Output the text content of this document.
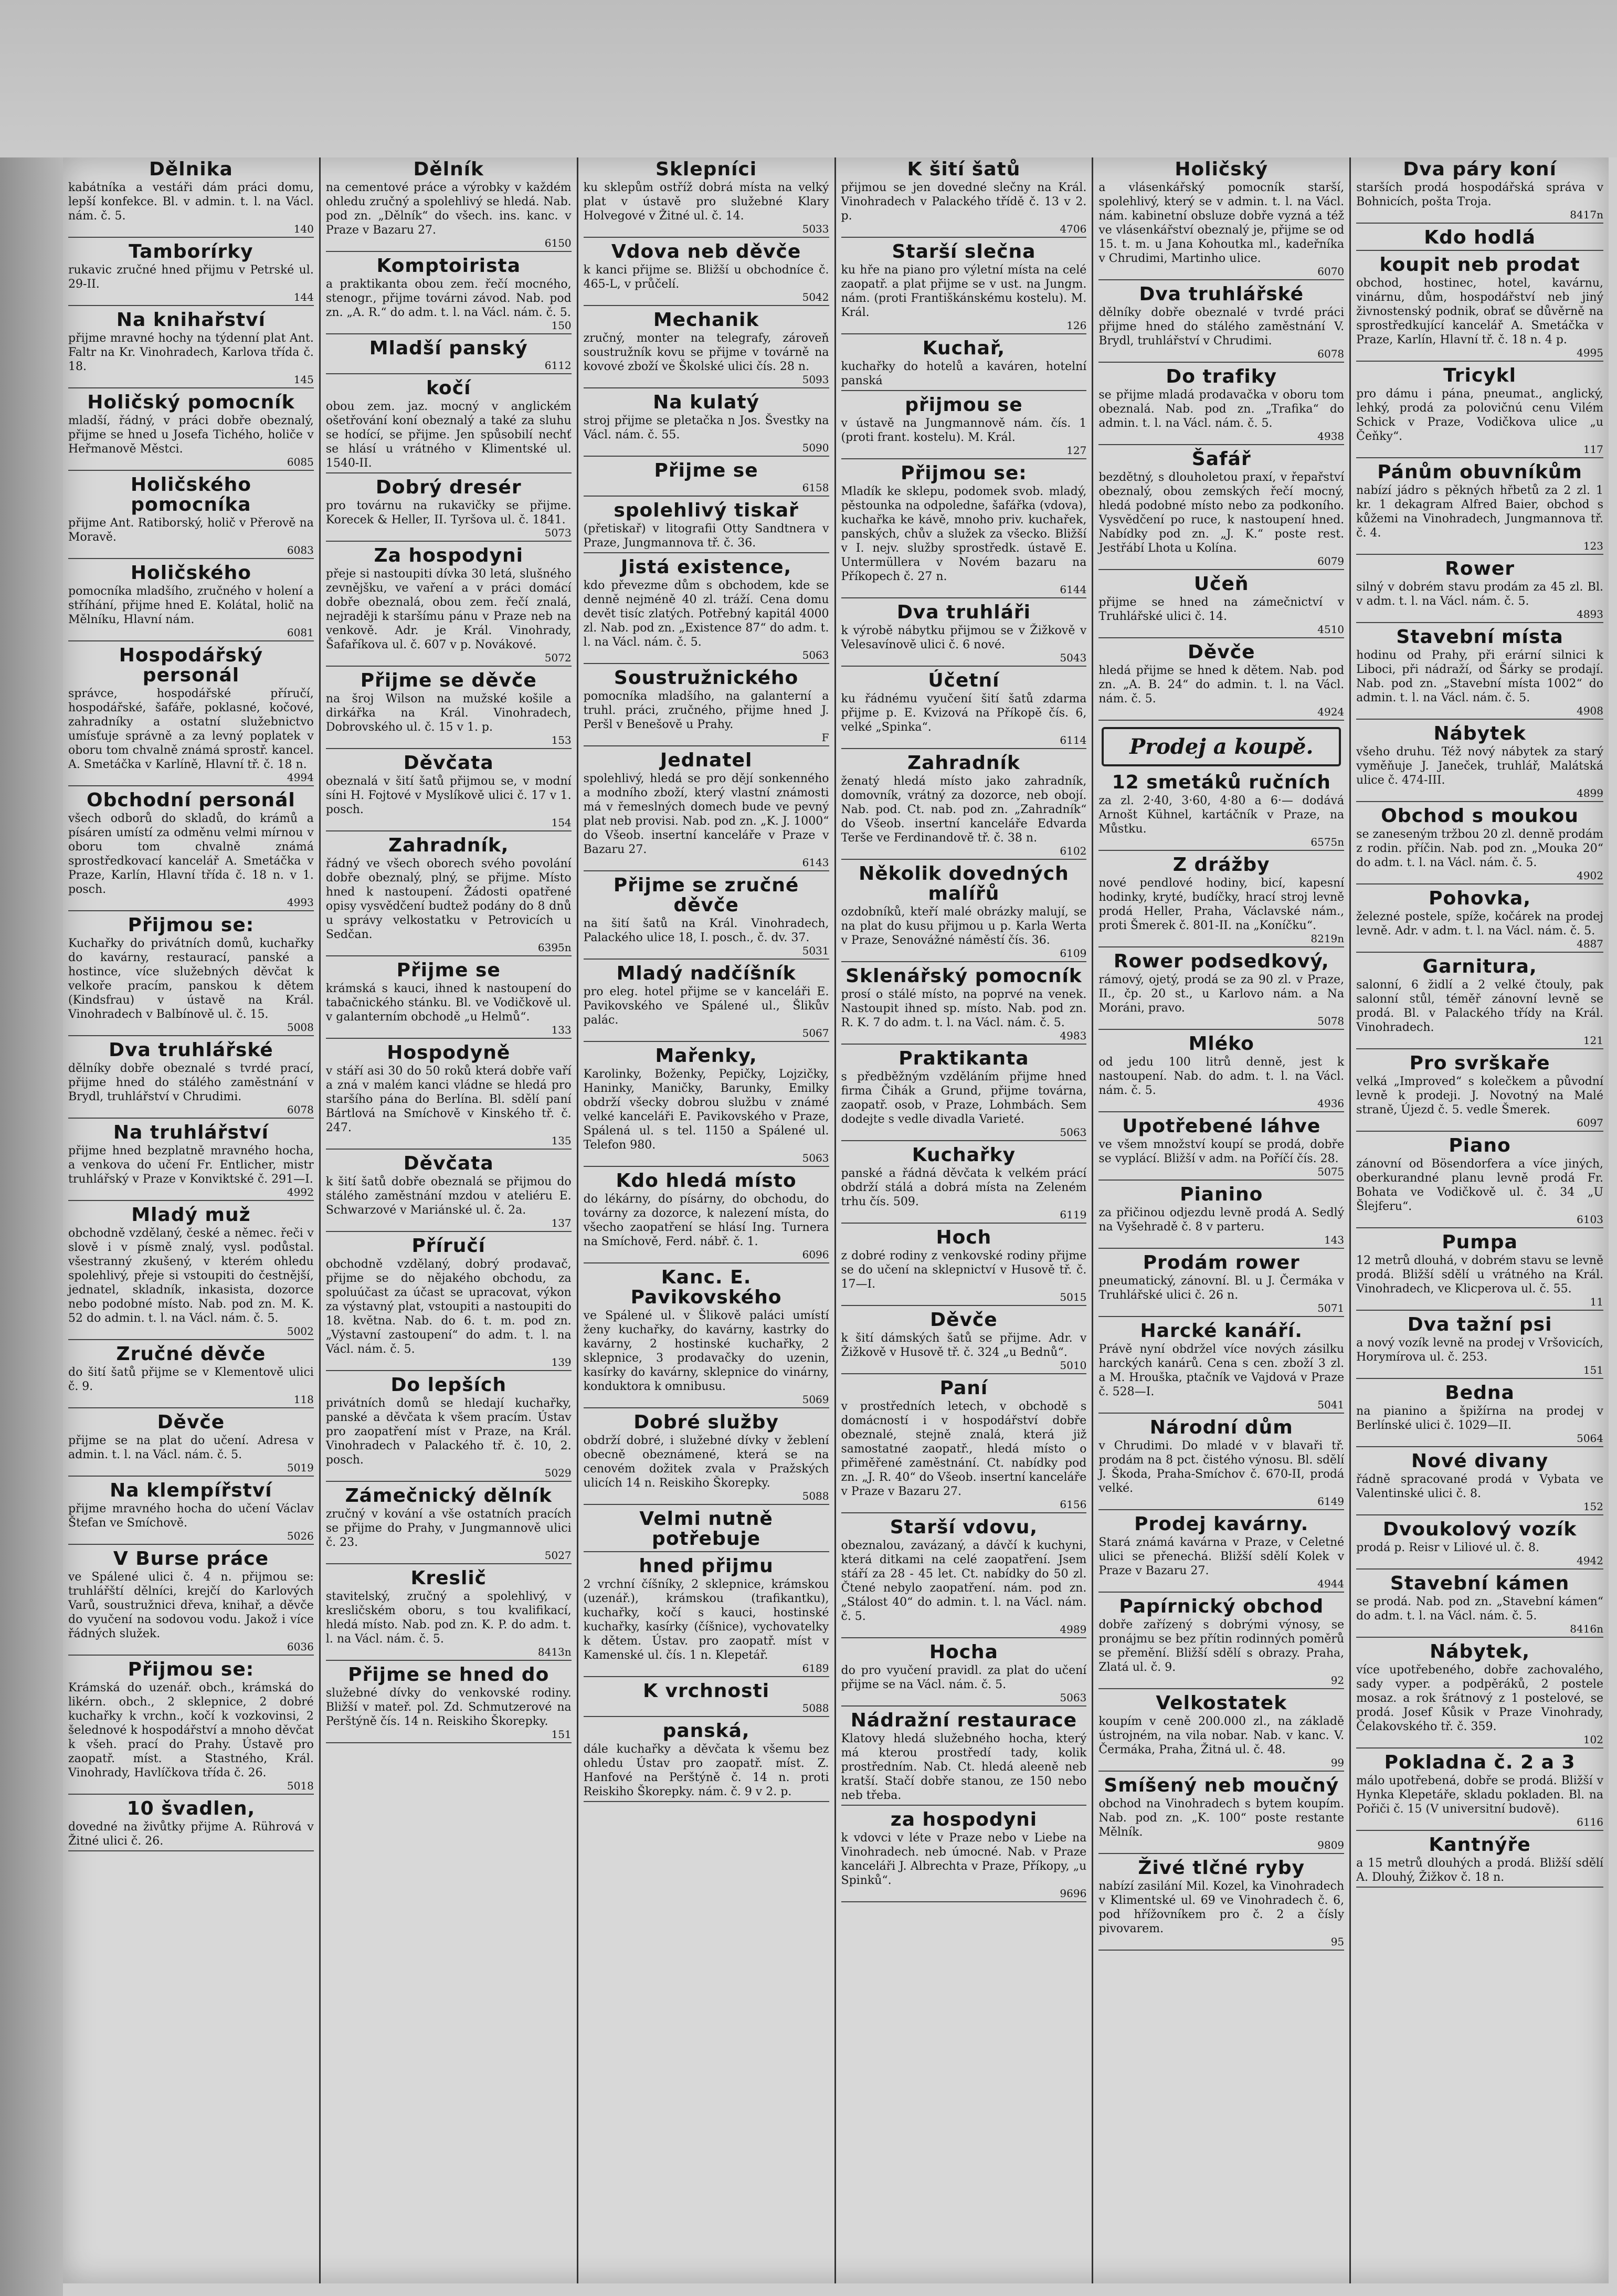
Dělnika

kabátníka a vestáři dám práci domu, lepší konfekce. Bl. v admin. t. l. na Václ. nám. č. 5.

140
Tamborírky

rukavic zručné hned přijmu v Petrské ul. 29-II.

144
Na knihařství

přijme mravné hochy na týdenní plat Ant. Faltr na Kr. Vinohradech, Karlova třída č. 18.

145
Holičský pomocník

mladší, řádný, v práci dobře obeznalý, přijme se hned u Josefa Tichého, holiče v Heřmanově Městci.

6085
Holičského pomocníka

přijme Ant. Ratiborský, holič v Přerově na Moravě.

6083
Holičského

pomocníka mladšího, zručného v holení a stříhání, přijme hned E. Kolátal, holič na Mělníku, Hlavní nám.

6081
Hospodářský personál

správce, hospodářské příručí, hospodářské, šafáře, poklasné, kočové, zahradníky a ostatní služebnictvo umísťuje správně a za levný poplatek v oboru tom chvalně známá sprostř. kancel. A. Smetáčka v Karlíně, Hlavní tř. č. 18 n.

4994
Obchodní personál

všech odborů do skladů, do krámů a písáren umístí za odměnu velmi mírnou v oboru tom chvalně známá sprostředkovací kancelář A. Smetáčka v Praze, Karlín, Hlavní třída č. 18 n. v 1. posch.

4993
Přijmou se:

Kuchařky do privátních domů, kuchařky do kavárny, restaurací, panské a hostince, více služebných děvčat k velkoře pracím, panskou k dětem (Kindsfrau) v ústavě na Král. Vinohradech v Balbínově ul. č. 15.

5008
Dva truhlářské

dělníky dobře obeznalé s tvrdé prací, přijme hned do stálého zaměstnání v Brydl, truhlářství v Chrudimi.

6078
Na truhlářství

přijme hned bezplatně mravného hocha, a venkova do učení Fr. Entlicher, mistr truhlářský v Praze v Konviktské č. 291—I.

4992
Mladý muž

obchodně vzdělaný, české a němec. řeči v slově i v písmě znalý, vysl. podůstal. všestranný zkušený, v kterém ohledu spolehlivý, přeje si vstoupiti do čestnější, jednatel, skladník, inkasista, dozorce nebo podobné místo. Nab. pod zn. M. K. 52 do admin. t. l. na Václ. nám. č. 5.

5002
Zručné děvče

do šití šatů přijme se v Klementově ulici č. 9.

118
Děvče

přijme se na plat do učení. Adresa v admin. t. l. na Václ. nám. č. 5.

5019
Na klempířství

přijme mravného hocha do učení Václav Štefan ve Smíchově.

5026
V Burse práce

ve Spálené ulici č. 4 n. přijmou se: truhlářští dělníci, krejčí do Karlových Varů, soustružnici dřeva, knihař, a děvče do vyučení na sodovou vodu. Jakož i více řádných služek.

6036
Přijmou se:

Krámská do uzenář. obch., krámská do likérn. obch., 2 sklepnice, 2 dobré kuchařky k vrchn., kočí k vozkovinsi, 2 šelednové k hospodářství a mnoho děvčat k všeh. prací do Prahy. Ústavě pro zaopatř. míst. a Stastného, Král. Vinohrady, Havlíčkova třída č. 26.

5018
10 švadlen,

dovedné na živůtky přijme A. Rührová v Žitné ulici č. 26.

Dělník

na cementové práce a výrobky v každém ohledu zručný a spolehlivý se hledá. Nab. pod zn. „Dělník“ do všech. ins. kanc. v Praze v Bazaru 27.

6150
Komptoirista

a praktikanta obou zem. řečí mocného, stenogr., přijme továrni závod. Nab. pod zn. „A. R.“ do adm. t. l. na Václ. nám. č. 5.

150
Mladší panský
6112
kočí

obou zem. jaz. mocný v anglickém ošetřování koní obeznalý a také za sluhu se hodící, se přijme. Jen spůsobilí nechť se hlásí u vrátného v Klimentské ul. 1540-II.

Dobrý dresér

pro továrnu na rukavičky se přijme. Korecek & Heller, II. Tyršova ul. č. 1841.

5073
Za hospodyni

přeje si nastoupiti dívka 30 letá, slušného zevnějšku, ve vaření a v práci domácí dobře obeznalá, obou zem. řečí znalá, nejraději k staršímu pánu v Praze neb na venkově. Adr. je Král. Vinohrady, Šafaříkova ul. č. 607 v p. Novákové.

5072
Přijme se děvče

na šroj Wilson na mužské košile a dirkářka na Král. Vinohradech, Dobrovského ul. č. 15 v 1. p.

153
Děvčata

obeznalá v šití šatů přijmou se, v modní síni H. Fojtové v Myslíkově ulici č. 17 v 1. posch.

154
Zahradník,

řádný ve všech oborech svého povolání dobře obeznalý, plný, se přijme. Místo hned k nastoupení. Žádosti opatřené opisy vysvědčení budtež podány do 8 dnů u správy velkostatku v Petrovicích u Sedčan.

6395n
Přijme se

krámská s kauci, ihned k nastoupení do tabačnického stánku. Bl. ve Vodičkově ul. v galanterním obchodě „u Helmů“.

133
Hospodyně

v stáří asi 30 do 50 roků která dobře vaří a zná v malém kanci vládne se hledá pro staršího pána do Berlína. Bl. sdělí paní Bártlová na Smíchově v Kinského tř. č. 247.

135
Děvčata

k šití šatů dobře obeznalá se přijmou do stálého zaměstnání mzdou v ateliéru E. Schwarzové v Mariánské ul. č. 2a.

137
Příručí

obchodně vzdělaný, dobrý prodavač, přijme se do nějakého obchodu, za spoluúčast za účast se upracovat, výkon za výstavný plat, vstoupiti a nastoupiti do 18. května. Nab. do 6. t. m. pod zn. „Výstavní zastoupení“ do adm. t. l. na Václ. nám. č. 5.

139
Do lepších

privátních domů se hledají kuchařky, panské a děvčata k všem pracím. Ústav pro zaopatření míst v Praze, na Král. Vinohradech v Palackého tř. č. 10, 2. posch.

5029
Zámečnický dělník

zručný v kování a vše ostatních pracích se přijme do Prahy, v Jungmannově ulici č. 23.

5027
Kreslič

stavitelský, zručný a spolehlivý, v kresličském oboru, s tou kvalifikací, hledá místo. Nab. pod zn. K. P. do adm. t. l. na Václ. nám. č. 5.

8413n
Přijme se hned do

služebné dívky do venkovské rodiny. Bližší v mateř. pol. Zd. Schmutzerové na Perštýně čís. 14 n. Reiskiho Škorepky.

151
Sklepníci

ku sklepům ostříž dobrá místa na velký plat v ústavě pro služebné Klary Holvegové v Žitné ul. č. 14.

5033
Vdova neb děvče

k kanci přijme se. Bližší u obchodníce č. 465-L, v průčelí.

5042
Mechanik

zručný, monter na telegrafy, zároveň soustružník kovu se přijme v továrně na kovové zboží ve Školské ulici čís. 28 n.

5093
Na kulatý

stroj přijme se pletačka n Jos. Švestky na Václ. nám. č. 55.

5090
Přijme se
6158
spolehlivý tiskař

(přetiskař) v litografii Otty Sandtnera v Praze, Jungmannova tř. č. 36.

Jistá existence,

kdo převezme dům s obchodem, kde se denně nejméně 40 zl. tráží. Cena domu devět tisíc zlatých. Potřebný kapitál 4000 zl. Nab. pod zn. „Existence 87“ do adm. t. l. na Václ. nám. č. 5.

5063
Soustružnického

pomocníka mladšího, na galanterní a truhl. práci, zručného, přijme hned J. Peršl v Benešově u Prahy.

F
Jednatel

spolehlivý, hledá se pro dějí sonkenného a modního zboží, který vlastní známosti má v řemeslných domech bude ve pevný plat neb provisi. Nab. pod zn. „K. J. 1000“ do Všeob. insertní kanceláře v Praze v Bazaru 27.

6143
Přijme se zručné děvče

na šití šatů na Král. Vinohradech, Palackého ulice 18, I. posch., č. dv. 37.

5031
Mladý nadčíšník

pro eleg. hotel přijme se v kanceláři E. Pavikovského ve Spálené ul., Šlikův palác.

5067
Mařenky,

Karolinky, Boženky, Pepičky, Lojzičky, Haninky, Maničky, Barunky, Emilky obdrží všecky dobrou službu v známé velké kanceláři E. Pavikovského v Praze, Spálená ul. s tel. 1150 a Spálené ul. Telefon 980.

5063
Kdo hledá místo

do lékárny, do písárny, do obchodu, do továrny za dozorce, k nalezení místa, do všecho zaopatření se hlásí Ing. Turnera na Smíchově, Ferd. nábř. č. 1.

6096
Kanc. E. Pavikovského

ve Spálené ul. v Šlikově paláci umístí ženy kuchařky, do kavárny, kastrky do kavárny, 2 hostinské kuchařky, 2 sklepnice, 3 prodavačky do uzenin, kasírky do kavárny, sklepnice do vinárny, konduktora k omnibusu.

5069
Dobré služby

obdrží dobré, i služebné dívky v žeblení obecně obeznámené, která se na cenovém dožitek zvala v Pražských ulicích 14 n. Reiskiho Škorepky.

5088
Velmi nutně potřebuje
hned přijmu

2 vrchní číšníky, 2 sklepnice, krámskou (uzenář.), krámskou (trafikantku), kuchařky, kočí s kauci, hostinské kuchařky, kasírky (číšnice), vychovatelky k dětem. Ústav. pro zaopatř. míst v Kamenské ul. čís. 1 n. Klepetář.

6189
K vrchnosti
5088
panská,

dále kuchařky a děvčata k všemu bez ohledu Ústav pro zaopatř. míst. Z. Hanfové na Perštýně č. 14 n. proti Reiskiho Škorepky. nám. č. 9 v 2. p.

K šití šatů

přijmou se jen dovedné slečny na Král. Vinohradech v Palackého třídě č. 13 v 2. p.

4706
Starší slečna

ku hře na piano pro výletní místa na celé zaopatř. a plat přijme se v ust. na Jungm. nám. (proti Františkánskému kostelu). M. Král.

126
Kuchař,

kuchařky do hotelů a kaváren, hotelní panská

přijmou se

v ústavě na Jungmannově nám. čís. 1 (proti frant. kostelu). M. Král.

127
Přijmou se:

Mladík ke sklepu, podomek svob. mladý, pěstounka na odpoledne, šafářka (vdova), kuchařka ke kávě, mnoho priv. kuchařek, panských, chův a služek za všecko. Bližší v I. nejv. služby sprostředk. ústavě E. Untermüllera v Novém bazaru na Příkopech č. 27 n.

6144
Dva truhláři

k výrobě nábytku přijmou se v Žižkově v Velesavínově ulici č. 6 nové.

5043
Účetní

ku řádnému vyučení šití šatů zdarma přijme p. E. Kvizová na Příkopě čís. 6, velké „Spinka“.

6114
Zahradník

ženatý hledá místo jako zahradník, domovník, vrátný za dozorce, neb obojí. Nab. pod. Ct. nab. pod zn. „Zahradník“ do Všeob. insertní kanceláře Edvarda Terše ve Ferdinandově tř. č. 38 n.

6102
Několik dovedných malířů

ozdobníků, kteří malé obrázky malují, se na plat do kusu přijmou u p. Karla Werta v Praze, Senovážné náměstí čís. 36.

6109
Sklenářský pomocník

prosí o stálé místo, na poprvé na venek. Nastoupit ihned sp. místo. Nab. pod zn. R. K. 7 do adm. t. l. na Václ. nám. č. 5.

4983
Praktikanta

s předběžným vzděláním přijme hned firma Čihák a Grund, přijme továrna, zaopatř. osob, v Praze, Lohmbách. Sem dodejte s vedle divadla Varieté.

5063
Kuchařky

panské a řádná děvčata k velkém prácí obdrží stálá a dobrá místa na Zeleném trhu čís. 509.

6119
Hoch

z dobré rodiny z venkovské rodiny přijme se do učení na sklepnictví v Husově tř. č. 17—I.

5015
Děvče

k šití dámských šatů se přijme. Adr. v Žižkově v Husově tř. č. 324 „u Bednů“.

5010
Paní

v prostředních letech, v obchodě s domácností i v hospodářství dobře obeznalé, stejně znalá, která již samostatné zaopatř., hledá místo o přiměřené zaměstnání. Ct. nabídky pod zn. „J. R. 40“ do Všeob. insertní kanceláře v Praze v Bazaru 27.

6156
Starší vdovu,

obeznalou, zavázaný, a dávčí k kuchyni, která ditkami na celé zaopatření. Jsem stáří za 28 - 45 let. Ct. nabídky do 50 zl. Čtené nebylo zaopatření. nám. pod zn. „Stálost 40“ do admin. t. l. na Václ. nám. č. 5.

4989
Hocha

do pro vyučení pravidl. za plat do učení přijme se na Václ. nám. č. 5.

5063
Nádražní restaurace

Klatovy hledá služebného hocha, který má kterou prostředí tady, kolik prostředním. Nab. Ct. hledá aleeně neb kratší. Stačí dobře stanou, ze 150 nebo neb třeba.

za hospodyni

k vdovci v léte v Praze nebo v Liebe na Vinohradech. neb úmocné. Nab. v Praze kanceláři J. Albrechta v Praze, Příkopy, „u Spinků“.

9696
Holičský

a vlásenkářský pomocník starší, spolehlivý, který se v admin. t. l. na Václ. nám. kabinetní obsluze dobře vyzná a též ve vlásenkářství obeznalý je, přijme se od 15. t. m. u Jana Kohoutka ml., kadeřníka v Chrudimi, Martinho ulice.

6070
Dva truhlářské

dělníky dobře obeznalé v tvrdé práci přijme hned do stálého zaměstnání V. Brydl, truhlářství v Chrudimi.

6078
Do trafiky

se přijme mladá prodavačka v oboru tom obeznalá. Nab. pod zn. „Trafika“ do admin. t. l. na Václ. nám. č. 5.

4938
Šafář

bezdětný, s dlouholetou praxí, v řepařství obeznalý, obou zemských řečí mocný, hledá podobné místo nebo za podkoního. Vysvědčení po ruce, k nastoupení hned. Nabídky pod zn. „J. K.“ poste rest. Jestřábí Lhota u Kolína.

6079
Učeň

přijme se hned na zámečnictví v Truhlářské ulici č. 14.

4510
Děvče

hledá přijme se hned k dětem. Nab. pod zn. „A. B. 24“ do admin. t. l. na Václ. nám. č. 5.

4924
Prodej a koupě.
12 smetáků ručních

za zl. 2·40, 3·60, 4·80 a 6·— dodává Arnošt Kühnel, kartáčník v Praze, na Můstku.

6575n
Z drážby

nové pendlové hodiny, bicí, kapesní hodinky, kryté, budíčky, hrací stroj levně prodá Heller, Praha, Václavské nám., proti Šmerek č. 801-II. na „Koníčku“.

8219n
Rower podsedkový,

rámový, ojetý, prodá se za 90 zl. v Praze, II., čp. 20 st., u Karlovo nám. a Na Moráni, pravo.

5078
Mléko

od jedu 100 litrů denně, jest k nastoupení. Nab. do adm. t. l. na Václ. nám. č. 5.

4936
Upotřebené láhve

ve všem množství koupí se prodá, dobře se vyplácí. Bližší v adm. na Poříčí čís. 28.

5075
Pianino

za přičinou odjezdu levně prodá A. Sedlý na Vyšehradě č. 8 v parteru.

143
Prodám rower

pneumatický, zánovní. Bl. u J. Čermáka v Truhlářské ulici č. 26 n.

5071
Harcké kanáří.

Právě nyní obdržel více nových zásilku harckých kanárů. Cena s cen. zboží 3 zl. a M. Hrouška, ptačník ve Vajdová v Praze č. 528—I.

5041
Národní dům

v Chrudimi. Do mladé v v blavaři tř. prodám na 8 pct. čistého výnosu. Bl. sdělí J. Škoda, Praha-Smíchov č. 670-II, prodá velké.

6149
Prodej kavárny.

Stará známá kavárna v Praze, v Celetné ulici se přenechá. Bližší sdělí Kolek v Praze v Bazaru 27.

4944
Papírnický obchod

dobře zařízený s dobrými výnosy, se pronájmu se bez přítin rodinných poměrů se přemění. Bližší sdělí s obrazy. Praha, Zlatá ul. č. 9.

92
Velkostatek

koupím v ceně 200.000 zl., na základě ústrojném, na vila nobar. Nab. v kanc. V. Čermáka, Praha, Žitná ul. č. 48.

99
Smíšený neb moučný

obchod na Vinohradech s bytem koupím. Nab. pod zn. „K. 100“ poste restante Mělník.

9809
Živé tlčné ryby

nabízí zasilání Mil. Kozel, ka Vinohradech v Klimentské ul. 69 ve Vinohradech č. 6, pod hřížovníkem pro č. 2 a čísly pivovarem.

95
Dva páry koní

starších prodá hospodářská správa v Bohnicích, pošta Troja.

8417n
Kdo hodlá
koupit neb prodat

obchod, hostinec, hotel, kavárnu, vinárnu, dům, hospodářství neb jiný živnostenský podnik, obrať se důvěrně na sprostředkující kancelář A. Smetáčka v Praze, Karlín, Hlavní tř. č. 18 n. 4 p.

4995
Tricykl

pro dámu i pána, pneumat., anglický, lehký, prodá za polovičnú cenu Vilém Schick v Praze, Vodičkova ulice „u Čeňky“.

117
Pánům obuvníkům

nabízí jádro s pěkných hřbetů za 2 zl. 1 kr. 1 dekagram Alfred Baier, obchod s kůžemi na Vinohradech, Jungmannova tř. č. 4.

123
Rower

silný v dobrém stavu prodám za 45 zl. Bl. v adm. t. l. na Václ. nám. č. 5.

4893
Stavební místa

hodinu od Prahy, při erární silnici k Liboci, při nádraží, od Šárky se prodají. Nab. pod zn. „Stavební místa 1002“ do admin. t. l. na Václ. nám. č. 5.

4908
Nábytek

všeho druhu. Též nový nábytek za starý vyměňuje J. Janeček, truhlář, Malátská ulice č. 474-III.

4899
Obchod s moukou

se zaneseným tržbou 20 zl. denně prodám z rodin. příčin. Nab. pod zn. „Mouka 20“ do adm. t. l. na Václ. nám. č. 5.

4902
Pohovka,

železné postele, spíže, kočárek na prodej levně. Adr. v adm. t. l. na Václ. nám. č. 5.

4887
Garnitura,

salonní, 6 židlí a 2 velké čtouly, pak salonní stůl, téměř zánovní levně se prodá. Bl. v Palackého třídy na Král. Vinohradech.

121
Pro svrškaře

velká „Improved“ s kolečkem a původní levně k prodeji. J. Novotný na Malé straně, Újezd č. 5. vedle Šmerek.

6097
Piano

zánovní od Bösendorfera a více jiných, oberkurandné planu levně prodá Fr. Bohata ve Vodičkově ul. č. 34 „U Šlejferu“.

6103
Pumpa

12 metrů dlouhá, v dobrém stavu se levně prodá. Bližší sdělí u vrátného na Král. Vinohradech, ve Klicperova ul. č. 55.

11
Dva tažní psi

a nový vozík levně na prodej v Vršovicích, Horymírova ul. č. 253.

151
Bedna

na pianino a špižírna na prodej v Berlínské ulici č. 1029—II.

5064
Nové divany

řádně spracované prodá v Vybata ve Valentinské ulici č. 8.

152
Dvoukolový vozík

prodá p. Reisr v Liliové ul. č. 8.

4942
Stavební kámen

se prodá. Nab. pod zn. „Stavební kámen“ do adm. t. l. na Václ. nám. č. 5.

8416n
Nábytek,

více upotřebeného, dobře zachovalého, sady vyper. a podpěráků, 2 postele mosaz. a rok šrátnový z 1 postelové, se prodá. Josef Kůsik v Praze Vinohrady, Čelakovského tř. č. 359.

102
Pokladna č. 2 a 3

málo upotřebená, dobře se prodá. Bližší v Hynka Klepetáře, skladu pokladen. Bl. na Pořiči č. 15 (V universitní budově).

6116
Kantnýře

a 15 metrů dlouhých a prodá. Bližší sdělí A. Dlouhý, Žižkov č. 18 n.
